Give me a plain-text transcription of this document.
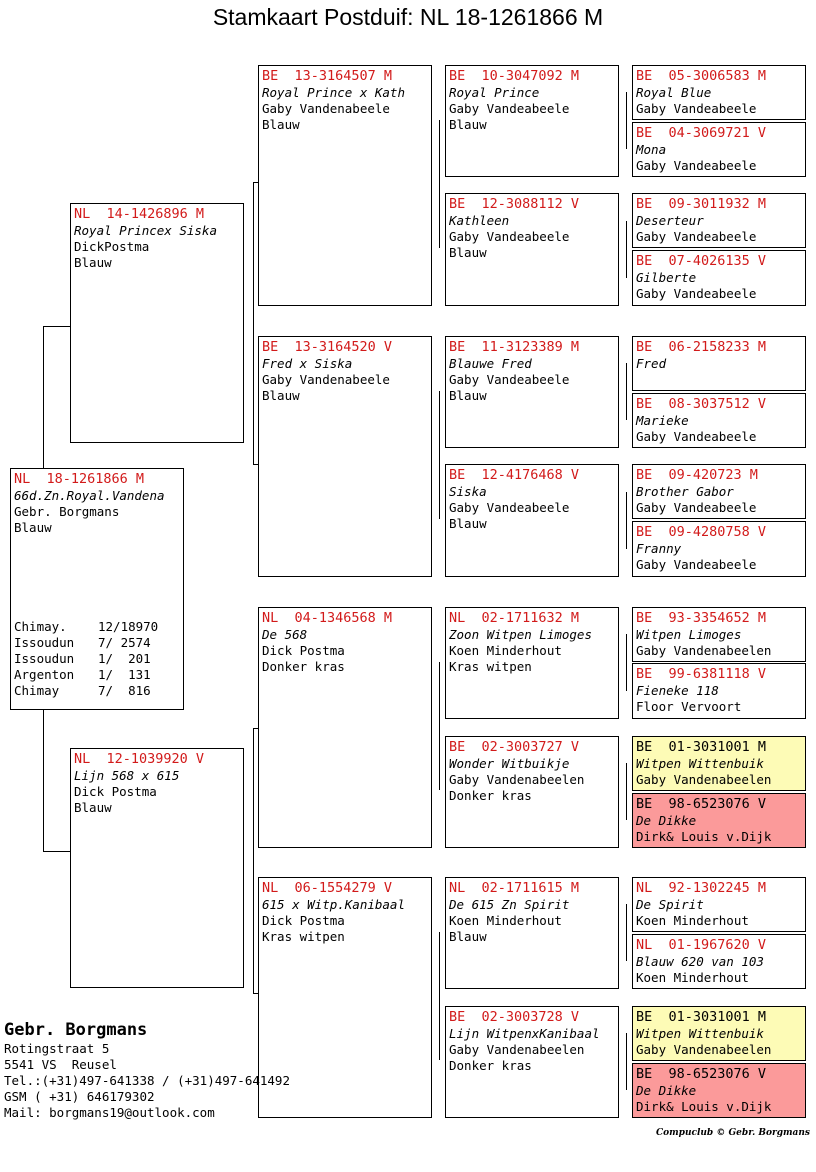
Stamkaart Postduif: NL 18-1261866 M
NL  18-1261866 M
66d.Zn.Royal.Vandena
Gebr. Borgmans
Blauw
Chimay.	12/18970
Issoudun 7/ 2574
Issoudun 1/  201
Argenton 1/  131
Chimay	7/  816
NL  14-1426896 M
Royal Princex Siska
DickPostma
Blauw
NL  12-1039920 V
Lijn 568 x 615
Dick Postma
Blauw
BE  13-3164507 M
Royal Prince x Kath
Gaby Vandenabeele
Blauw
BE  13-3164520 V
Fred x Siska
Gaby Vandenabeele
Blauw
NL  04-1346568 M
De 568
Dick Postma
Donker kras
NL  06-1554279 V
615 x Witp.Kanibaal
Dick Postma
Kras witpen
BE  10-3047092 M
Royal Prince
Gaby Vandeabeele
Blauw
BE  12-3088112 V
Kathleen
Gaby Vandeabeele
Blauw
BE  11-3123389 M
Blauwe Fred
Gaby Vandeabeele
Blauw
BE  12-4176468 V
Siska
Gaby Vandeabeele
Blauw
NL  02-1711632 M
Zoon Witpen Limoges
Koen Minderhout
Kras witpen
BE  02-3003727 V
Wonder Witbuikje
Gaby Vandenabeelen
Donker kras
NL  02-1711615 M
De 615 Zn Spirit
Koen Minderhout
Blauw
BE  02-3003728 V
Lijn WitpenxKanibaal
Gaby Vandenabeelen
Donker kras
BE  05-3006583 M
Royal Blue
Gaby Vandeabeele
BE  04-3069721 V
Mona
Gaby Vandeabeele
BE  09-3011932 M
Deserteur
Gaby Vandeabeele
BE  07-4026135 V
Gilberte
Gaby Vandeabeele
BE  06-2158233 M
Fred
BE  08-3037512 V
Marieke
Gaby Vandeabeele
BE  09-420723 M
Brother Gabor
Gaby Vandeabeele
BE  09-4280758 V
Franny
Gaby Vandeabeele
BE  93-3354652 M
Witpen Limoges
Gaby Vandenabeelen
BE  99-6381118 V
Fieneke 118
Floor Vervoort
BE  01-3031001 M
Witpen Wittenbuik
Gaby Vandenabeelen
BE  98-6523076 V
De Dikke
Dirk& Louis v.Dijk
NL  92-1302245 M
De Spirit
Koen Minderhout
NL  01-1967620 V
Blauw 620 van 103
Koen Minderhout
BE  01-3031001 M
Witpen Wittenbuik
Gaby Vandenabeelen
BE  98-6523076 V
De Dikke
Dirk& Louis v.Dijk
Gebr. Borgmans
Rotingstraat 5
5541 VS  Reusel
Tel.:(+31)497-641338 / (+31)497-641492
GSM ( +31) 646179302
Mail: borgmans19@outlook.com
Compuclub © Gebr. Borgmans
